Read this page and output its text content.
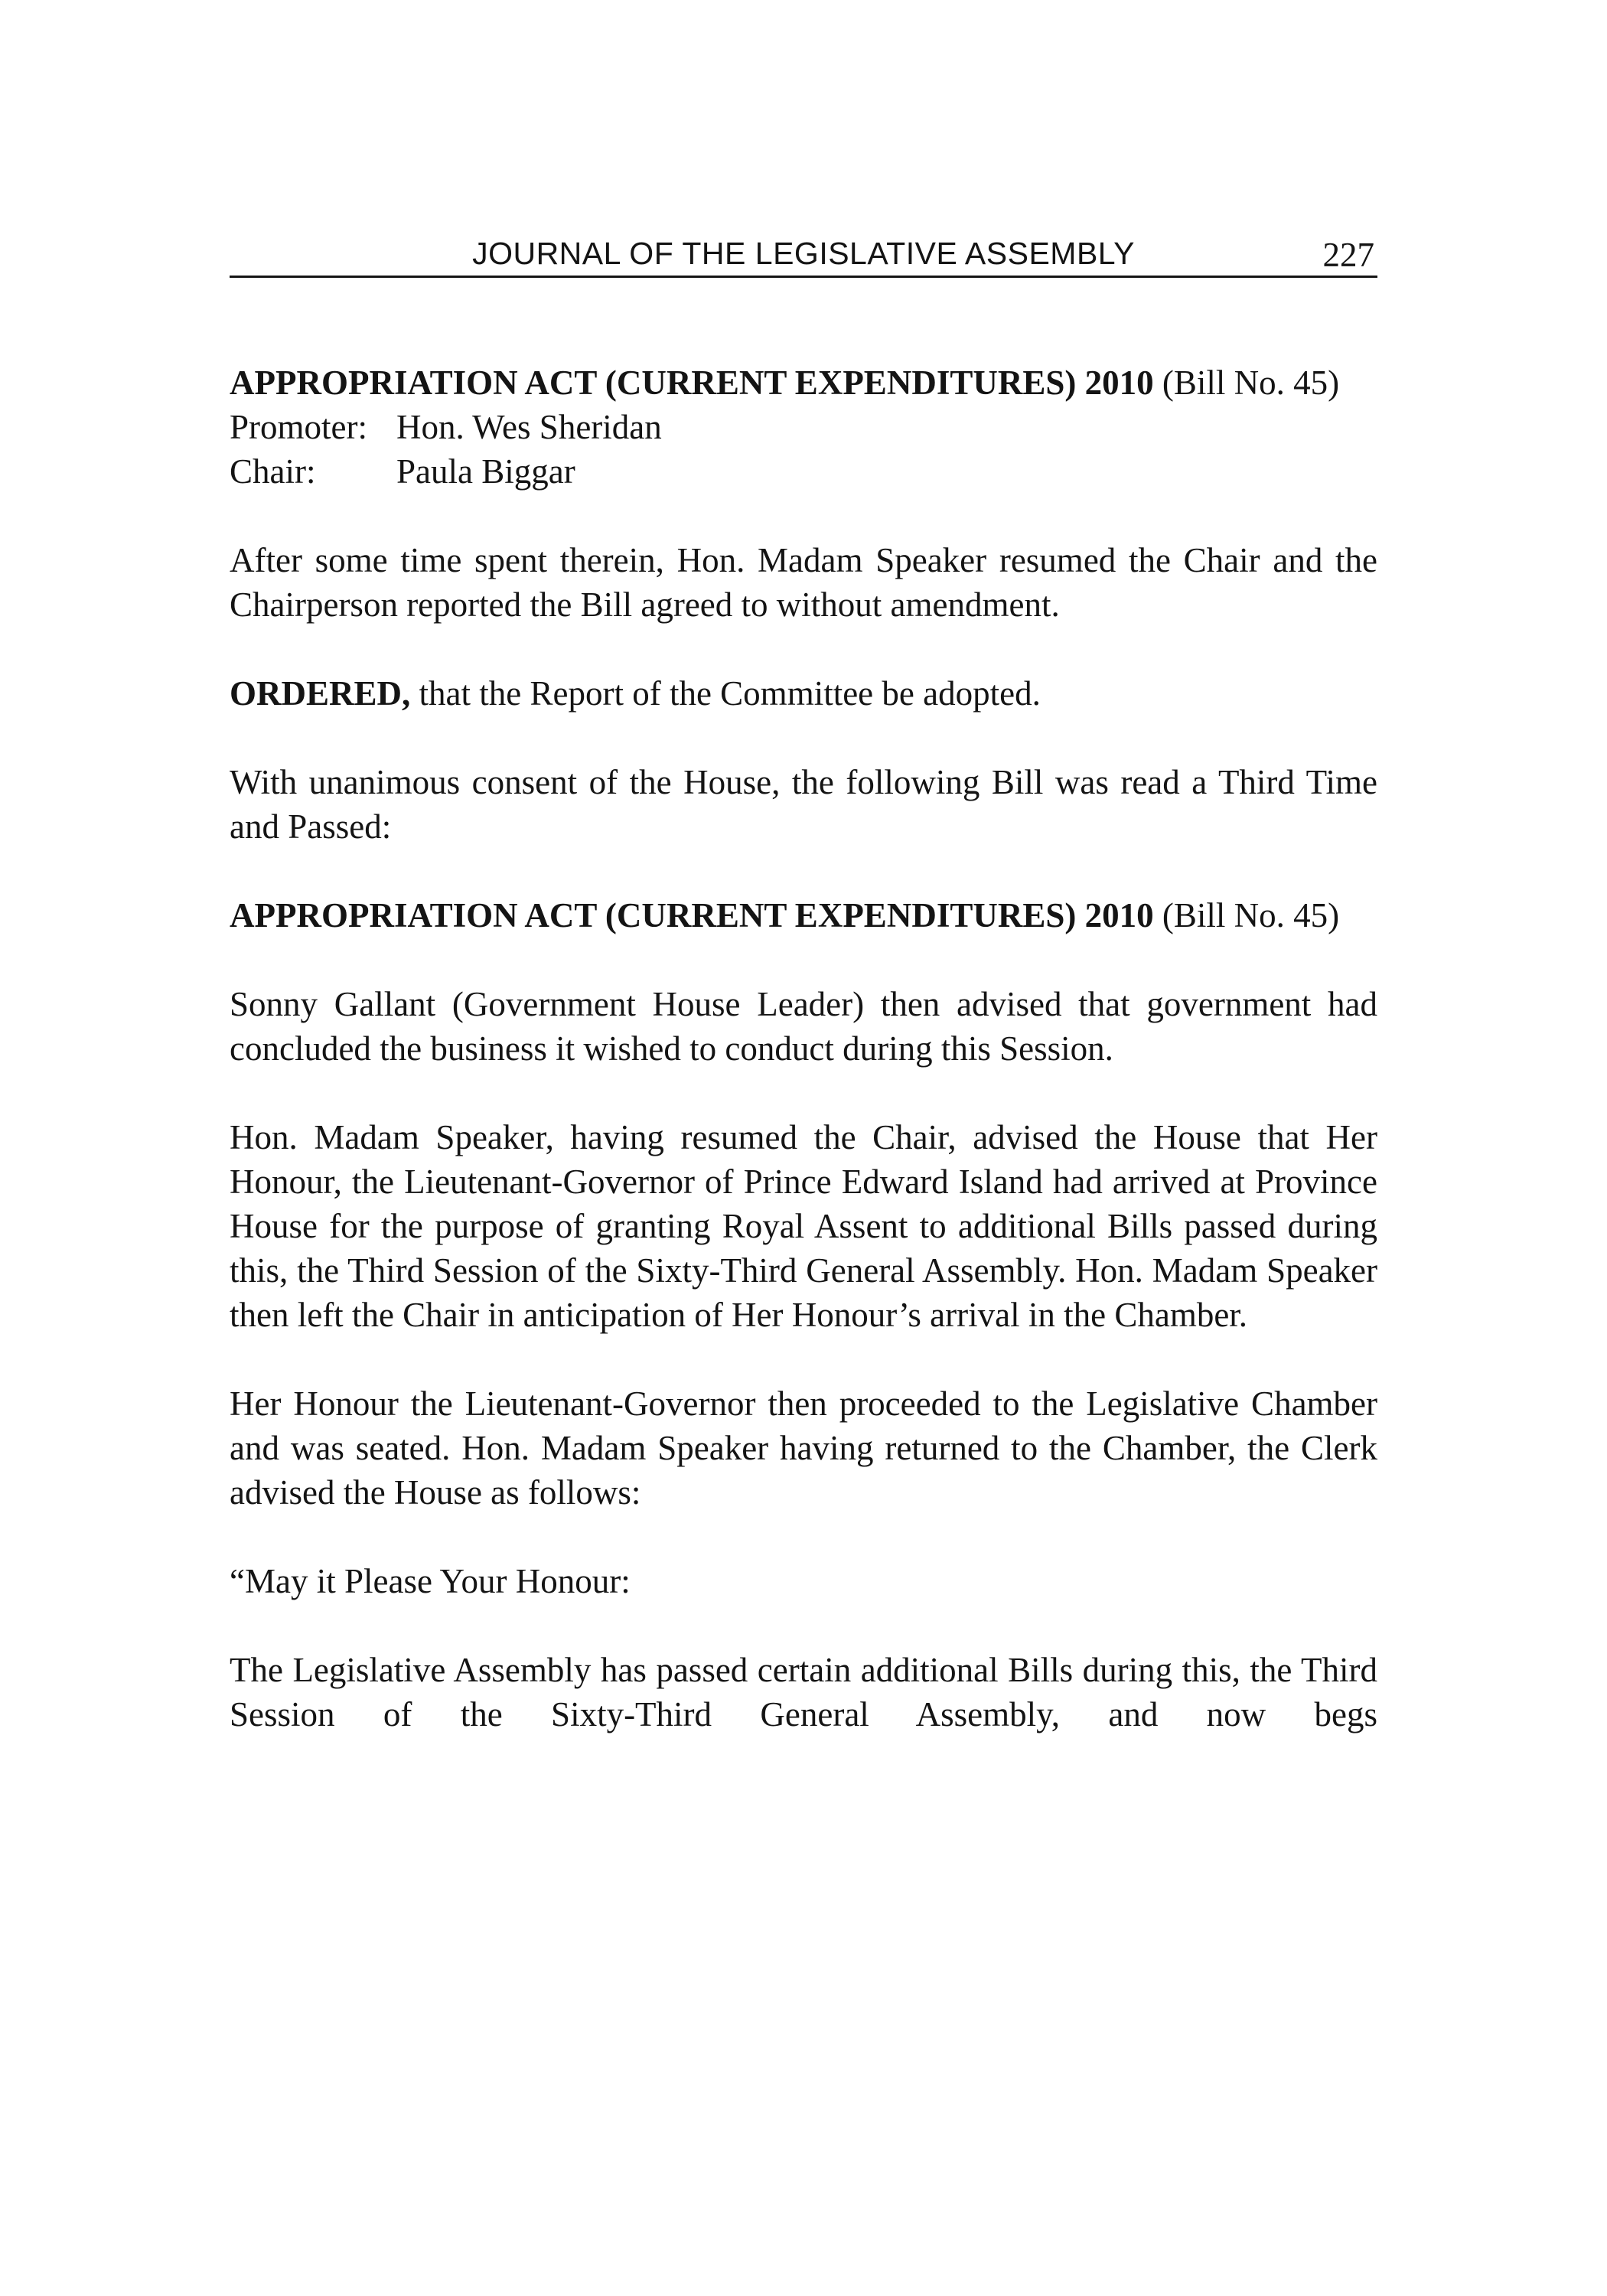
JOURNAL OF THE LEGISLATIVE ASSEMBLY	227

APPROPRIATION ACT (CURRENT EXPENDITURES) 2010 (Bill No. 45)

Promoter: Hon. Wes Sheridan
Chair:	Paula Biggar

After some time spent therein, Hon. Madam Speaker resumed the Chair and the Chairperson reported the Bill agreed to without amendment.

ORDERED, that the Report of the Committee be adopted.

With unanimous consent of the House, the following Bill was read a Third Time and Passed:

APPROPRIATION ACT (CURRENT EXPENDITURES) 2010 (Bill No. 45)

Sonny Gallant (Government House Leader) then advised that government had concluded the business it wished to conduct during this Session.

Hon. Madam Speaker, having resumed the Chair, advised the House that Her Honour, the Lieutenant-Governor of Prince Edward Island had arrived at Province House for the purpose of granting Royal Assent to additional Bills passed during this, the Third Session of the Sixty-Third General Assembly. Hon. Madam Speaker then left the Chair in anticipation of Her Honour’s arrival in the Chamber.

Her Honour the Lieutenant-Governor then proceeded to the Legislative Chamber and was seated. Hon. Madam Speaker having returned to the Chamber, the Clerk advised the House as follows:

“May it Please Your Honour:

The Legislative Assembly has passed certain additional Bills during this, the Third Session of the Sixty-Third General Assembly, and now begs
